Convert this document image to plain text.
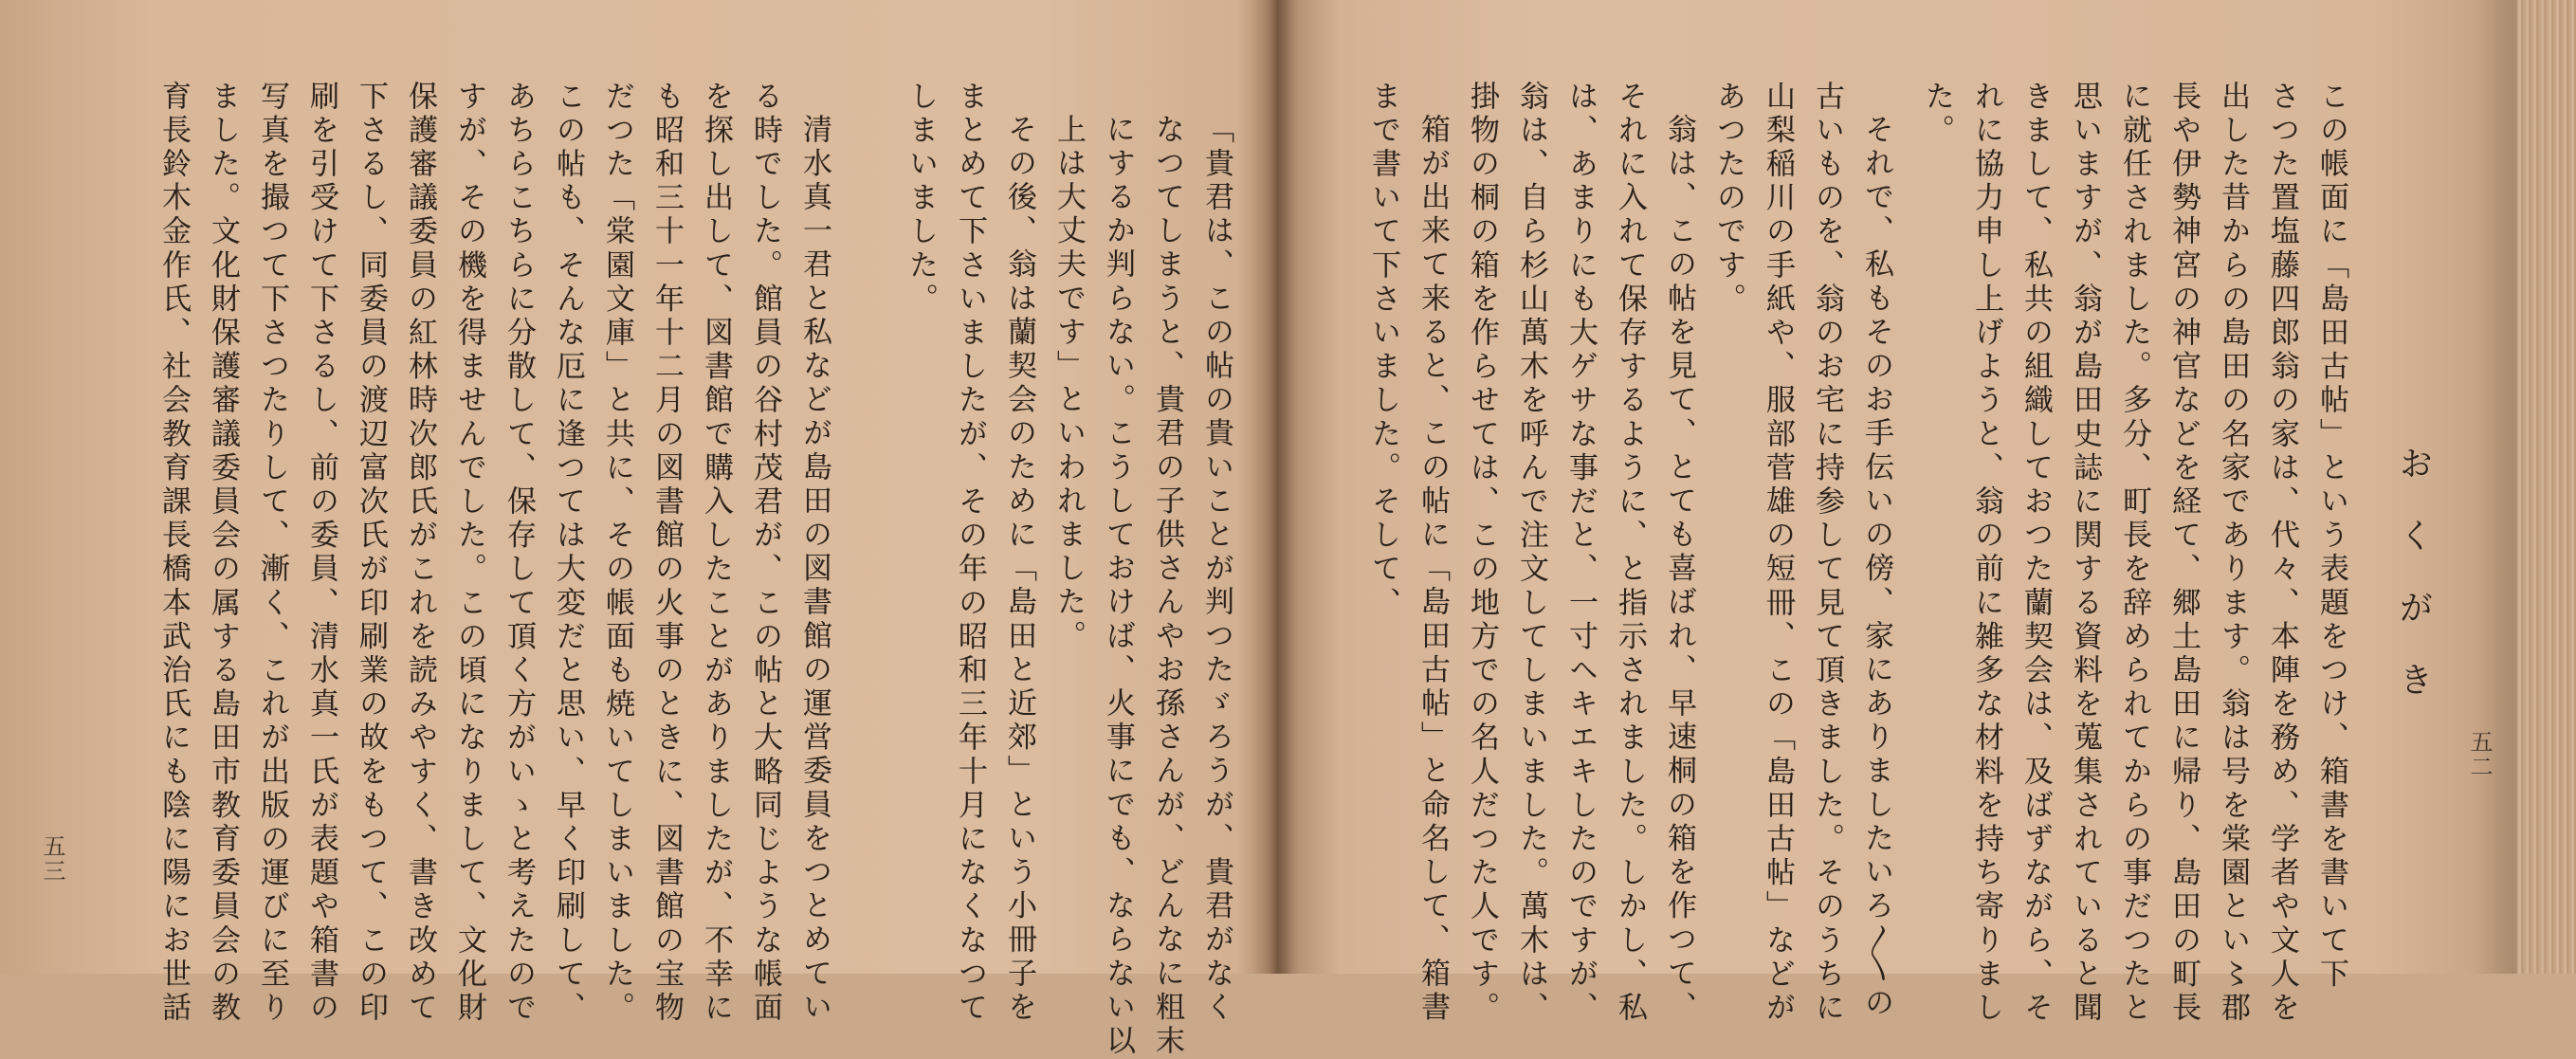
おくがき
この帳面に「島田古帖」という表題をつけ、箱書を書いて下
さつた置塩藤四郎翁の家は、代々、本陣を務め、学者や文人を
出した昔からの島田の名家であります。翁は号を棠園とい〻郡
長や伊勢神宮の神官などを経て、郷土島田に帰り、島田の町長
に就任されました。多分、町長を辞められてからの事だつたと
思いますが、翁が島田史誌に関する資料を蒐集されていると聞
きまして、私共の組織しておつた蘭契会は、及ばずながら、そ
れに協力申し上げようと、翁の前に雑多な材料を持ち寄りまし
た。
それで、私もそのお手伝いの傍、家にありましたいろ〳〵の
古いものを、翁のお宅に持参して見て頂きました。そのうちに
山梨稲川の手紙や、服部菅雄の短冊、この「島田古帖」などが
あつたのです。
翁は、この帖を見て、とても喜ばれ、早速桐の箱を作つて、
それに入れて保存するように、と指示されました。しかし、私
は、あまりにも大ゲサな事だと、一寸ヘキエキしたのですが、
翁は、自ら杉山萬木を呼んで注文してしまいました。萬木は、
掛物の桐の箱を作らせては、この地方での名人だつた人です。
箱が出来て来ると、この帖に「島田古帖」と命名して、箱書
まで書いて下さいました。そして、
五二
「貴君は、この帖の貴いことが判つたゞろうが、貴君がなく
なつてしまうと、貴君の子供さんやお孫さんが、どんなに粗末
にするか判らない。こうしておけば、火事にでも、ならない以
上は大丈夫です」といわれました。
その後、翁は蘭契会のために「島田と近郊」という小冊子を
まとめて下さいましたが、その年の昭和三年十月になくなつて
しまいました。
清水真一君と私などが島田の図書館の運営委員をつとめてい
る時でした。館員の谷村茂君が、この帖と大略同じような帳面
を探し出して、図書館で購入したことがありましたが、不幸に
も昭和三十一年十二月の図書館の火事のときに、図書館の宝物
だつた「棠園文庫」と共に、その帳面も焼いてしまいました。
この帖も、そんな厄に逢つては大変だと思い、早く印刷して、
あちらこちらに分散して、保存して頂く方がいゝと考えたので
すが、その機を得ませんでした。この頃になりまして、文化財
保護審議委員の紅林時次郎氏がこれを読みやすく、書き改めて
下さるし、同委員の渡辺富次氏が印刷業の故をもつて、この印
刷を引受けて下さるし、前の委員、清水真一氏が表題や箱書の
写真を撮つて下さつたりして、漸く、これが出版の運びに至り
ました。文化財保護審議委員会の属する島田市教育委員会の教
育長鈴木金作氏、社会教育課長橋本武治氏にも陰に陽にお世話
五三
